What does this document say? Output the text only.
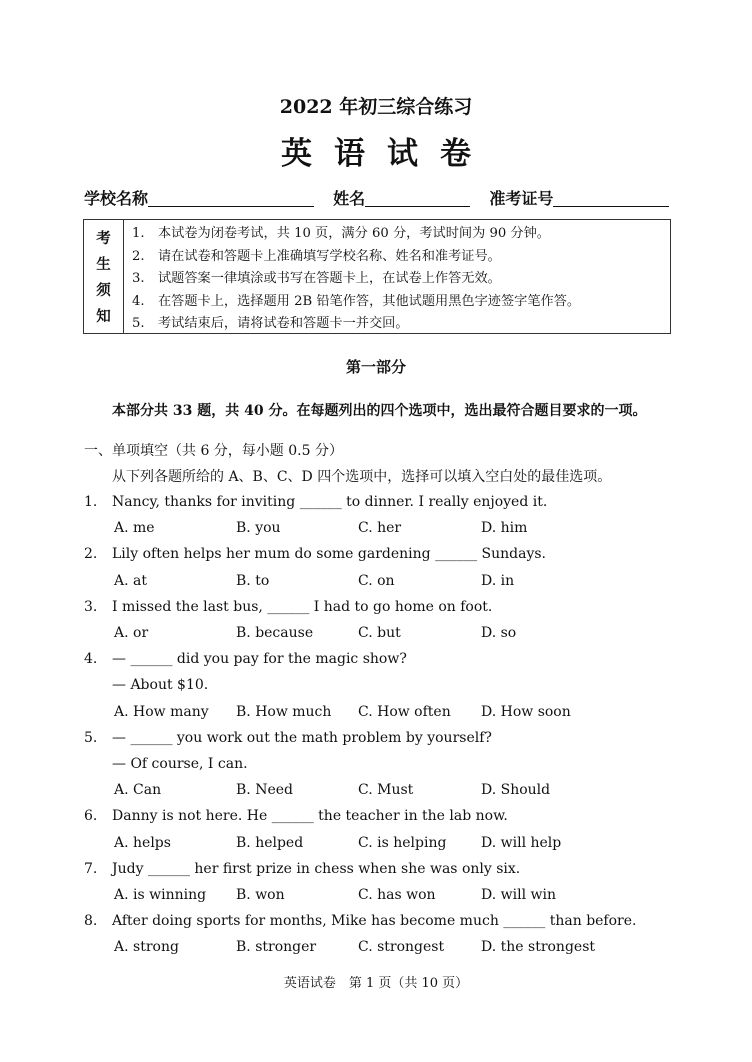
2022 年初三综合练习
英语试卷
学校名称	姓名	准考证号
考
生
须
知
1. 本试卷为闭卷考试，共 10 页，满分 60 分，考试时间为 90 分钟。
2. 请在试卷和答题卡上准确填写学校名称、姓名和准考证号。
3. 试题答案一律填涂或书写在答题卡上，在试卷上作答无效。
4. 在答题卡上，选择题用 2B 铅笔作答，其他试题用黑色字迹签字笔作答。
5. 考试结束后，请将试卷和答题卡一并交回。
第一部分
本部分共 33 题，共 40 分。在每题列出的四个选项中，选出最符合题目要求的一项。
一、单项填空（共 6 分，每小题 0.5 分）
从下列各题所给的 A、B、C、D 四个选项中，选择可以填入空白处的最佳选项。
1. Nancy, thanks for inviting ______ to dinner. I really enjoyed it.
A. me	B. you	C. her	D. him
2. Lily often helps her mum do some gardening ______ Sundays.
A. at	B. to	C. on	D. in
3. I missed the last bus, ______ I had to go home on foot.
A. or	B. because	C. but	D. so
4. — ______ did you pay for the magic show?
— About $10.
A. How many B. How much C. How often D. How soon
5. — ______ you work out the math problem by yourself?
— Of course, I can.
A. Can	B. Need	C. Must	D. Should
6. Danny is not here. He ______ the teacher in the lab now.
A. helps	B. helped	C. is helping D. will help
7. Judy ______ her first prize in chess when she was only six.
A. is winning B. won	C. has won	D. will win
8. After doing sports for months, Mike has become much ______ than before.
A. strong	B. stronger	C. strongest	D. the strongest
英语试卷　第 1 页（共 10 页）
